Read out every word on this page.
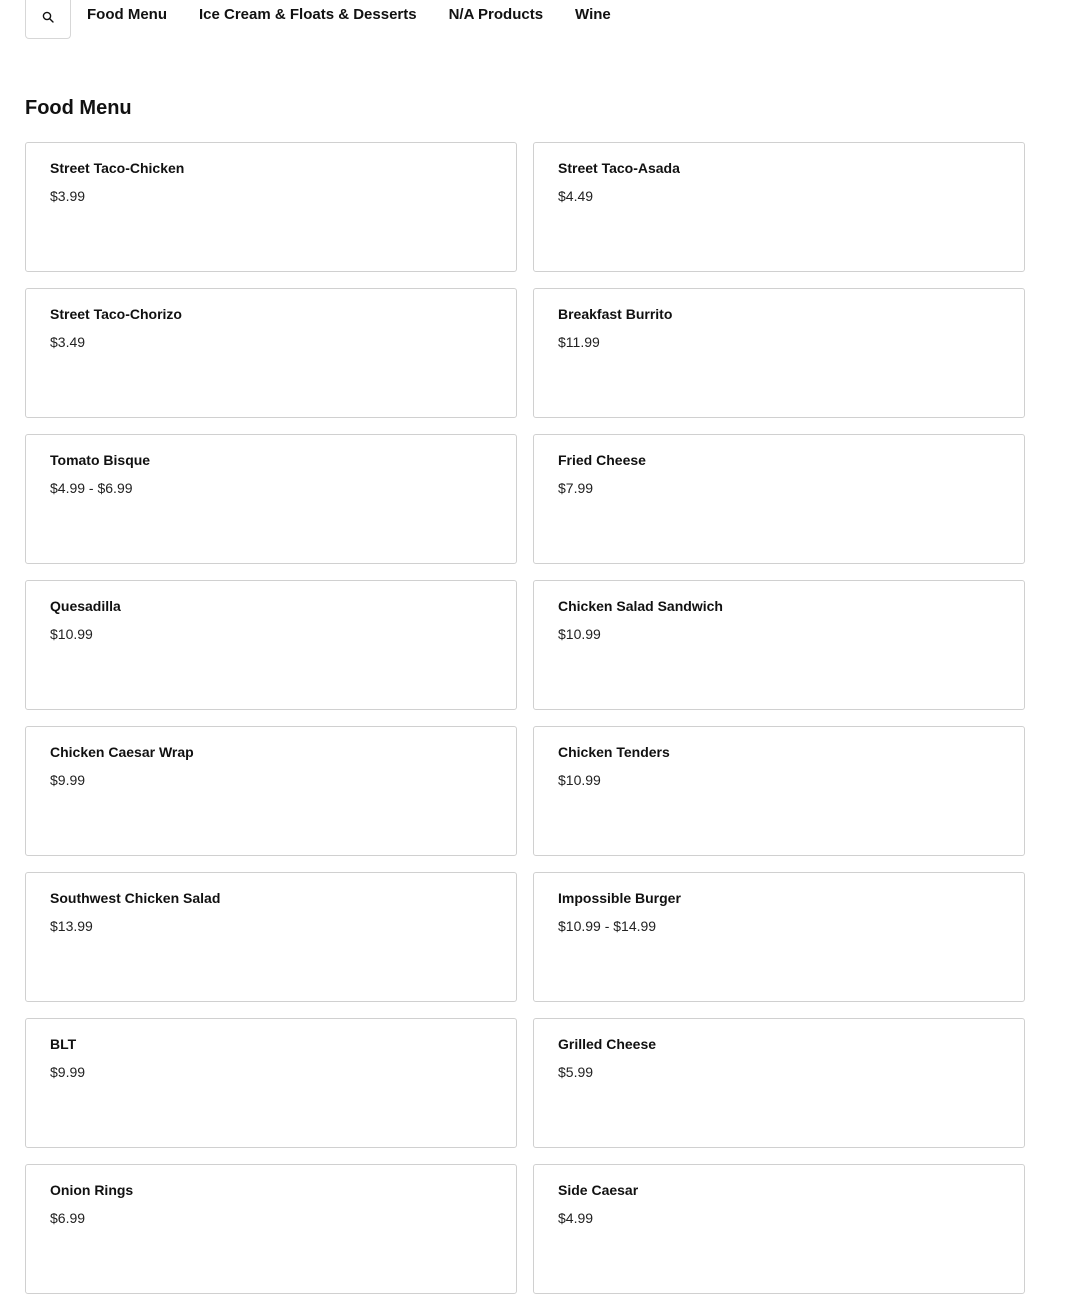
Food Menu	Ice Cream & Floats & Desserts	N/A Products	Wine
Food Menu
Street Taco-Chicken
$3.99
Street Taco-Asada
$4.49
Street Taco-Chorizo
$3.49
Breakfast Burrito
$11.99
Tomato Bisque
$4.99 - $6.99
Fried Cheese
$7.99
Quesadilla
$10.99
Chicken Salad Sandwich
$10.99
Chicken Caesar Wrap
$9.99
Chicken Tenders
$10.99
Southwest Chicken Salad
$13.99
Impossible Burger
$10.99 - $14.99
BLT
$9.99
Grilled Cheese
$5.99
Onion Rings
$6.99
Side Caesar
$4.99
